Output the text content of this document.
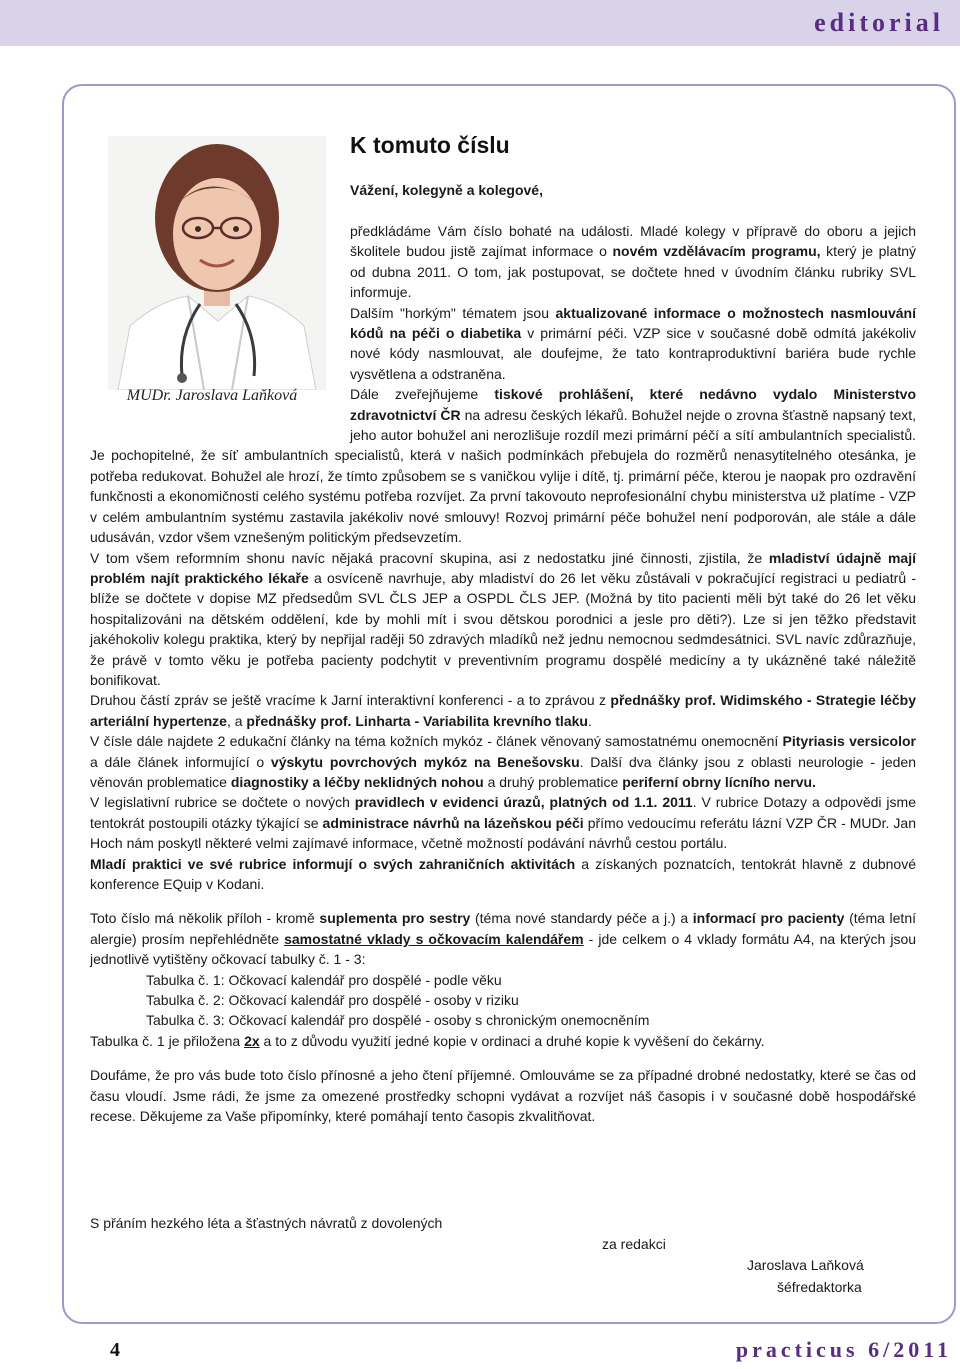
editorial
MUDr. Jaroslava Laňková
K tomuto číslu
Vážení, kolegyně a kolegové,

předkládáme Vám číslo bohaté na události. Mladé kolegy v přípravě do oboru a jejich školitele budou jistě zajímat informace o novém vzdělávacím programu, který je platný od dubna 2011. O tom, jak postupovat, se dočtete hned v úvodním článku rubriky SVL informuje.

Dalším "horkým" tématem jsou aktualizované informace o možnostech nasmlouvání kódů na péči o diabetika v primární péči. VZP sice v současné době odmítá jakékoliv nové kódy nasmlouvat, ale doufejme, že tato kontraproduktivní bariéra bude rychle vysvětlena a odstraněna.

Dále zveřejňujeme tiskové prohlášení, které nedávno vydalo Ministerstvo zdravotnictví ČR na adresu českých lékařů. Bohužel nejde o zrovna šťastně napsaný text, jeho autor bohužel ani nerozlišuje rozdíl mezi primární péčí a sítí ambulantních specialistů. Je pochopitelné, že síť ambulantních specialistů, která v našich podmínkách přebujela do rozměrů nenasytitelného otesánka, je potřeba redukovat. Bohužel ale hrozí, že tímto způsobem se s vaničkou vylije i dítě, tj. primární péče, kterou je naopak pro ozdravění funkčnosti a ekonomičnosti celého systému potřeba rozvíjet. Za první takovouto neprofesionální chybu ministerstva už platíme - VZP v celém ambulantním systému zastavila jakékoliv nové smlouvy! Rozvoj primární péče bohužel není podporován, ale stále a dále udusáván, vzdor všem vznešeným politickým předsevzetím.

V tom všem reformním shonu navíc nějaká pracovní skupina, asi z nedostatku jiné činnosti, zjistila, že mladiství údajně mají problém najít praktického lékaře a osvíceně navrhuje, aby mladiství do 26 let věku zůstávali v pokračující registraci u pediatrů - blíže se dočtete v dopise MZ předsedům SVL ČLS JEP a OSPDL ČLS JEP. (Možná by tito pacienti měli být také do 26 let věku hospitalizováni na dětském oddělení, kde by mohli mít i svou dětskou porodnici a jesle pro děti?). Lze si jen těžko představit jakéhokoliv kolegu praktika, který by nepřijal raději 50 zdravých mladíků než jednu nemocnou sedmdesátnici. SVL navíc zdůrazňuje, že právě v tomto věku je potřeba pacienty podchytit v preventivním programu dospělé medicíny a ty ukázněné také náležitě bonifikovat.

Druhou částí zpráv se ještě vracíme k Jarní interaktivní konferenci - a to zprávou z přednášky prof. Widimského - Strategie léčby arteriální hypertenze, a přednášky prof. Linharta - Variabilita krevního tlaku.

V čísle dále najdete 2 edukační články na téma kožních mykóz - článek věnovaný samostatnému onemocnění Pityriasis versicolor a dále článek informující o výskytu povrchových mykóz na Benešovsku. Další dva články jsou z oblasti neurologie - jeden věnován problematice diagnostiky a léčby neklidných nohou a druhý problematice periferní obrny lícního nervu.

V legislativní rubrice se dočtete o nových pravidlech v evidenci úrazů, platných od 1.1. 2011. V rubrice Dotazy a odpovědi jsme tentokrát postoupili otázky týkající se administrace návrhů na lázeňskou péči přímo vedoucímu referátu lázní VZP ČR - MUDr. Jan Hoch nám poskytl některé velmi zajímavé informace, včetně možností podávání návrhů cestou portálu.

Mladí praktici ve své rubrice informují o svých zahraničních aktivitách a získaných poznatcích, tentokrát hlavně z dubnové konference EQuip v Kodani.

Toto číslo má několik příloh - kromě suplementa pro sestry (téma nové standardy péče a j.) a informací pro pacienty (téma letní alergie) prosím nepřehlédněte samostatné vklady s očkovacím kalendářem - jde celkem o 4 vklady formátu A4, na kterých jsou jednotlivě vytištěny očkovací tabulky č. 1 - 3:

Tabulka č. 1: Očkovací kalendář pro dospělé - podle věku

Tabulka č. 2: Očkovací kalendář pro dospělé - osoby v riziku

Tabulka č. 3: Očkovací kalendář pro dospělé - osoby s chronickým onemocněním

Tabulka č. 1 je přiložena 2x a to z důvodu využití jedné kopie v ordinaci a druhé kopie k vyvěšení do čekárny.

Doufáme, že pro vás bude toto číslo přínosné a jeho čtení příjemné. Omlouváme se za případné drobné nedostatky, které se čas od času vloudí. Jsme rádi, že jsme za omezené prostředky schopni vydávat a rozvíjet náš časopis i v současné době hospodářské recese. Děkujeme za Vaše připomínky, které pomáhají tento časopis zkvalitňovat.

S přáním hezkého léta a šťastných návratů z dovolených
za redakci
Jaroslava Laňková
šéfredaktorka
4	practicus 6/2011
